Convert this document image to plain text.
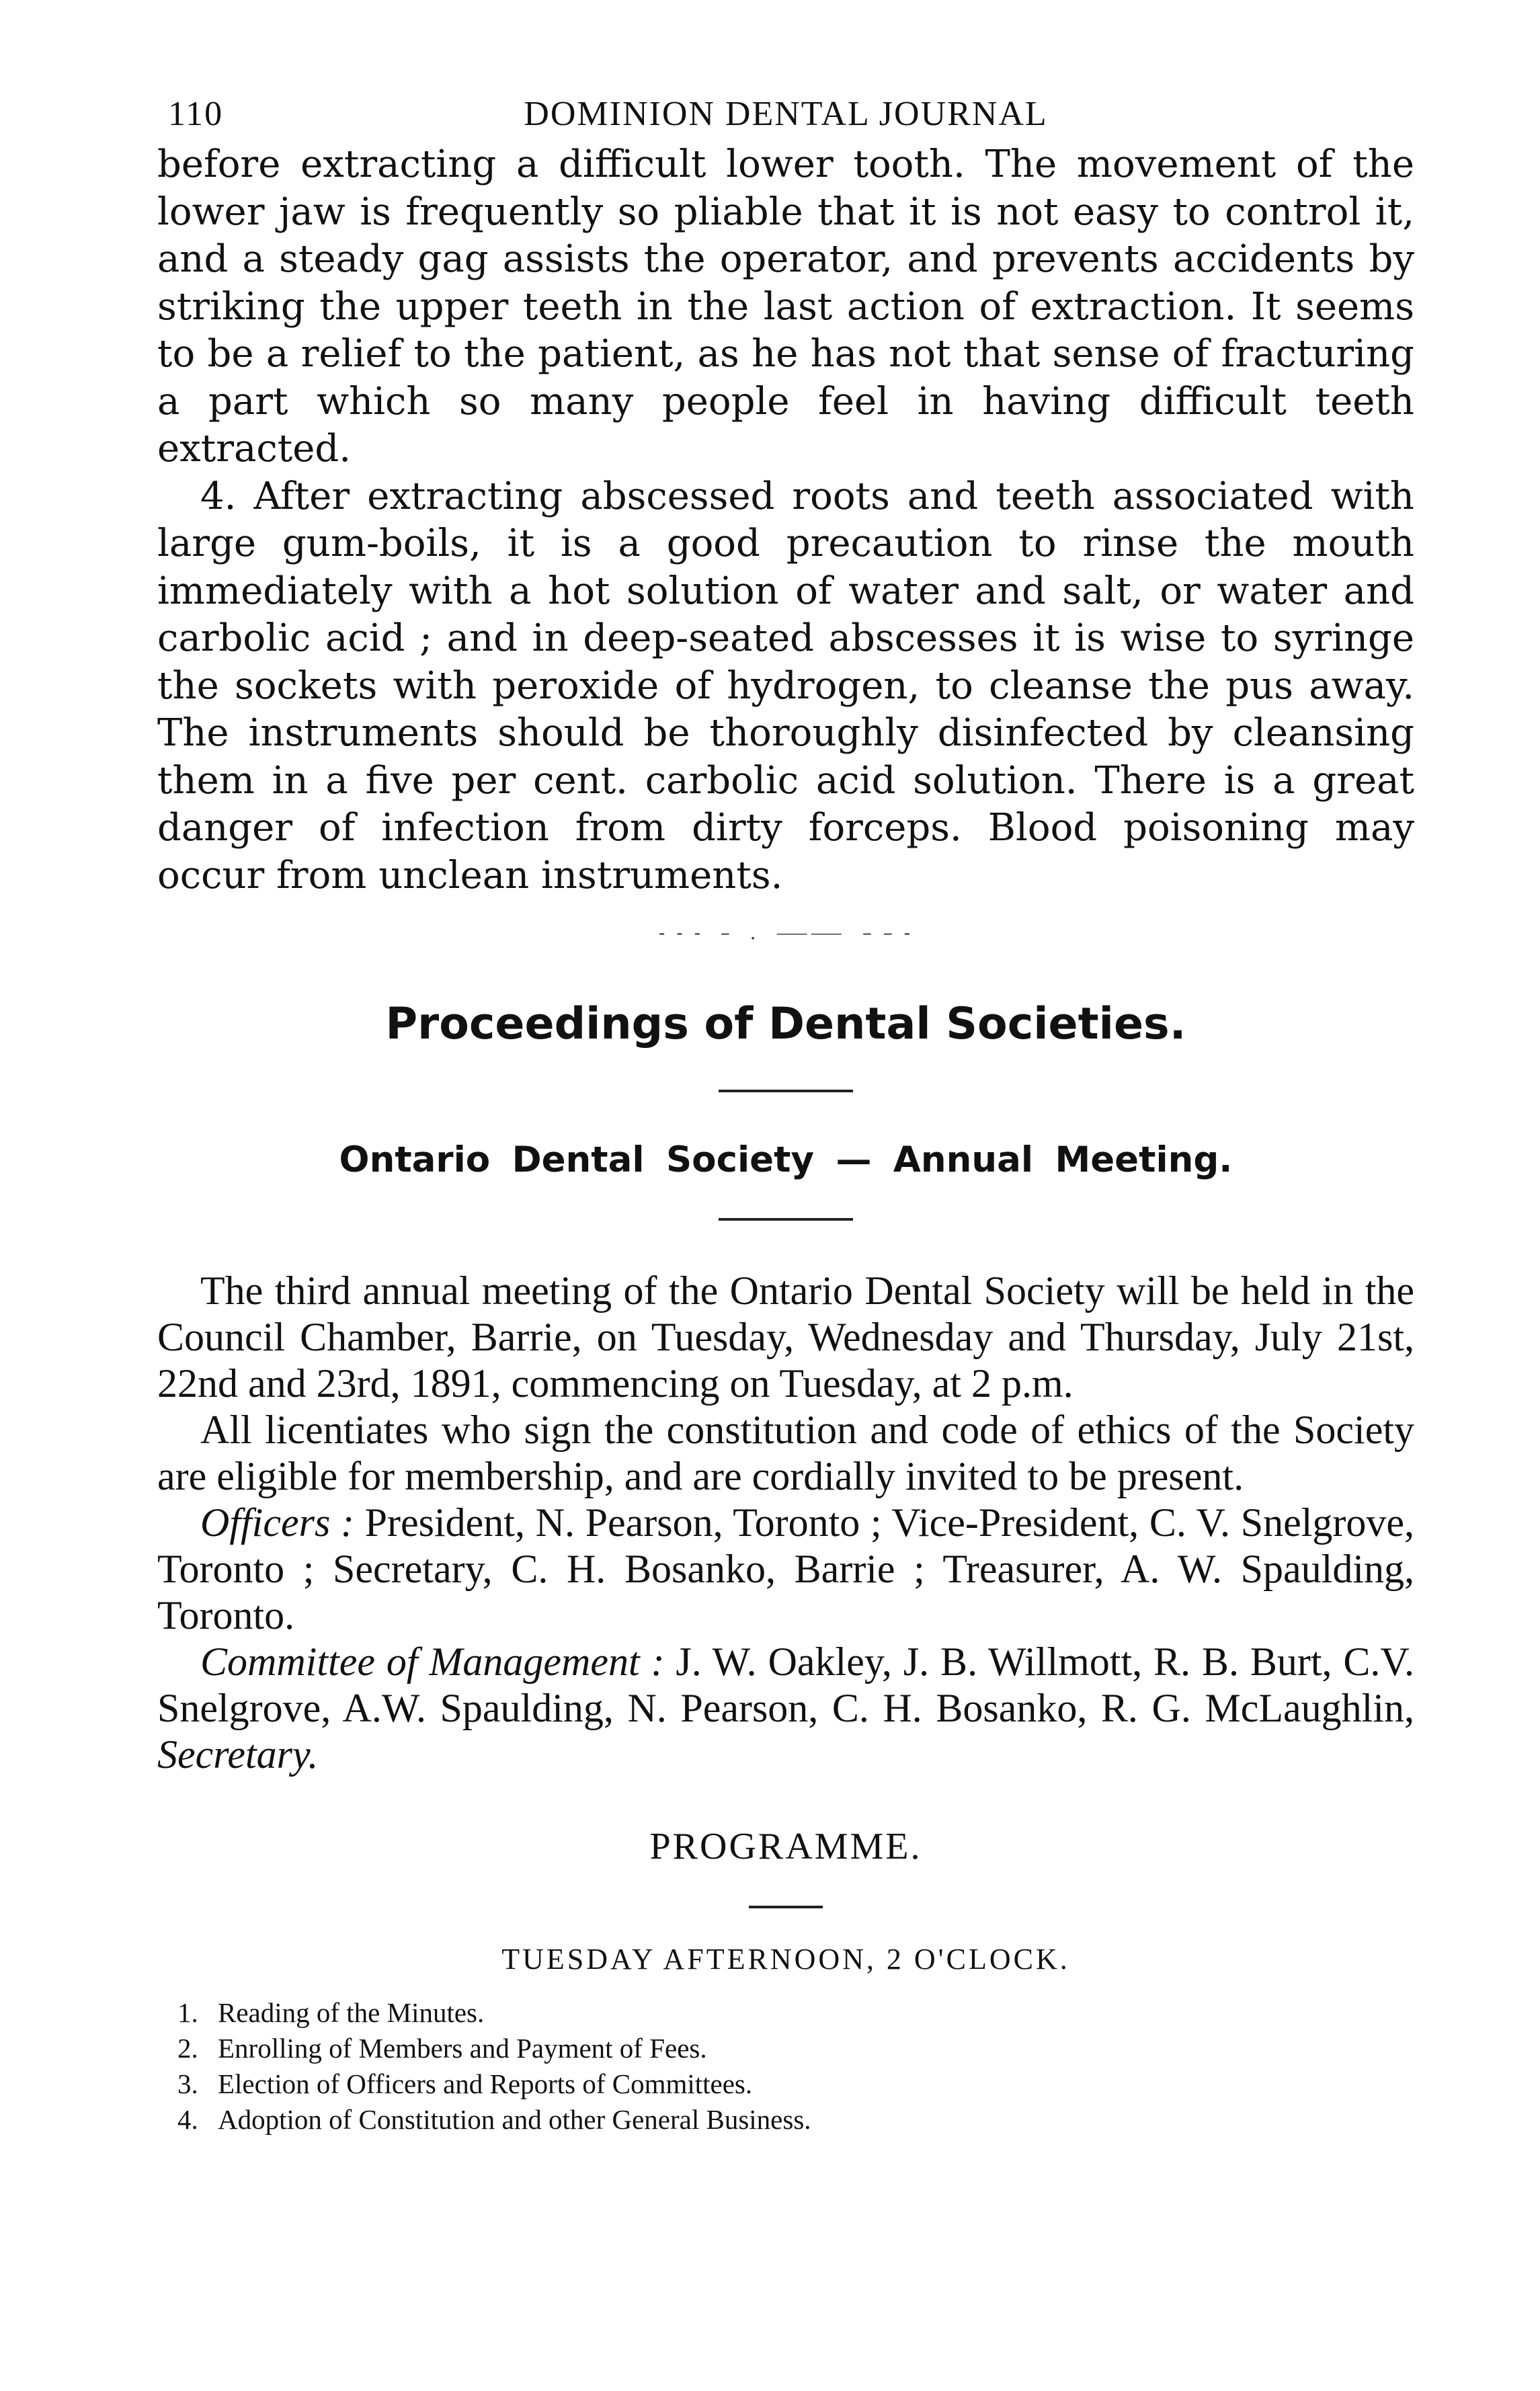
110	DOMINION DENTAL JOURNAL

before extracting a difficult lower tooth. The movement of the lower jaw is frequently so pliable that it is not easy to control it, and a steady gag assists the operator, and prevents accidents by striking the upper teeth in the last action of extraction. It seems to be a relief to the patient, as he has not that sense of fracturing a part which so many people feel in having difficult teeth extracted.

4. After extracting abscessed roots and teeth associated with large gum-boils, it is a good precaution to rinse the mouth immediately with a hot solution of water and salt, or water and carbolic acid ; and in deep-seated abscesses it is wise to syringe the sockets with peroxide of hydrogen, to cleanse the pus away. The instruments should be thoroughly disinfected by cleansing them in a five per cent. carbolic acid solution. There is a great danger of infection from dirty forceps. Blood poisoning may occur from unclean instruments.

- - -  –  .  ⸺⸺  – – -
Proceedings of Dental Societies.
Ontario Dental Society — Annual Meeting.

The third annual meeting of the Ontario Dental Society will be held in the Council Chamber, Barrie, on Tuesday, Wednesday and Thursday, July 21st, 22nd and 23rd, 1891, commencing on Tuesday, at 2 p.m.

All licentiates who sign the constitution and code of ethics of the Society are eligible for membership, and are cordially invited to be present.

Officers : President, N. Pearson, Toronto ; Vice-President, C. V. Snelgrove, Toronto ; Secretary, C. H. Bosanko, Barrie ; Treasurer, A. W. Spaulding, Toronto.

Committee of Management : J. W. Oakley, J. B. Willmott, R. B. Burt, C.V. Snelgrove, A.W. Spaulding, N. Pearson, C. H. Bosanko, R. G. McLaughlin, Secretary.

PROGRAMME.
TUESDAY AFTERNOON, 2 O'CLOCK.
1. Reading of the Minutes.
2. Enrolling of Members and Payment of Fees.
3. Election of Officers and Reports of Committees.
4. Adoption of Constitution and other General Business.
